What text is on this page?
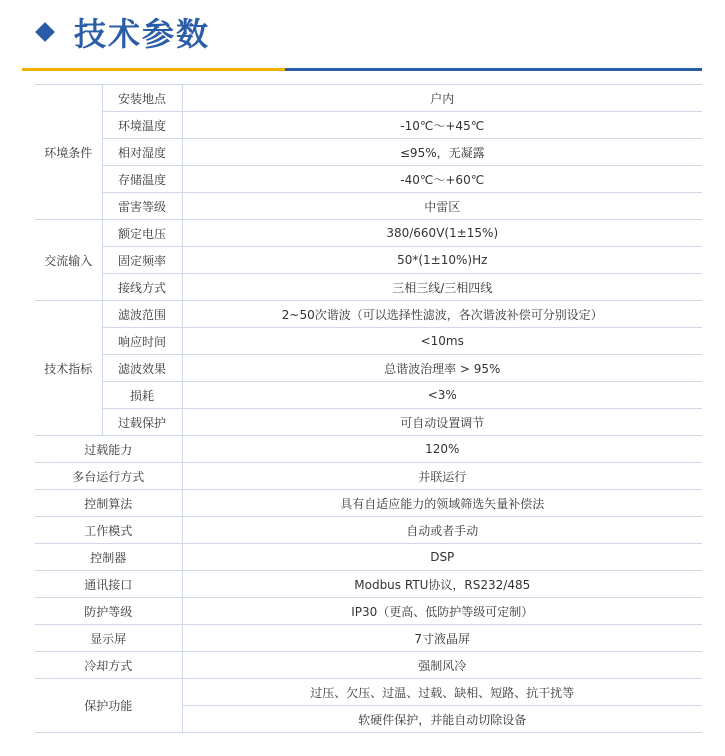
技术参数
环境条件	安装地点	户内
	环境温度	-10℃～+45℃
	相对湿度	≤95%，无凝露
	存储温度	-40℃～+60℃
	雷害等级	中雷区
交流输入	额定电压	380/660V(1±15%)
	固定频率	50*(1±10%)Hz
	接线方式	三相三线/三相四线
技术指标	滤波范围	2~50次谐波（可以选择性滤波，各次谐波补偿可分别设定）
	响应时间	<10ms
	滤波效果	总谐波治理率 > 95%
	损耗	<3%
	过载保护	可自动设置调节
过载能力		120%
多台运行方式		并联运行
控制算法		具有自适应能力的领域筛选矢量补偿法
工作模式		自动或者手动
控制器		DSP
通讯接口		Modbus RTU协议，RS232/485
防护等级		IP30（更高、低防护等级可定制）
显示屏		7寸液晶屏
冷却方式		强制风冷
保护功能		过压、欠压、过温、过载、缺相、短路、抗干扰等
		软硬件保护，并能自动切除设备
